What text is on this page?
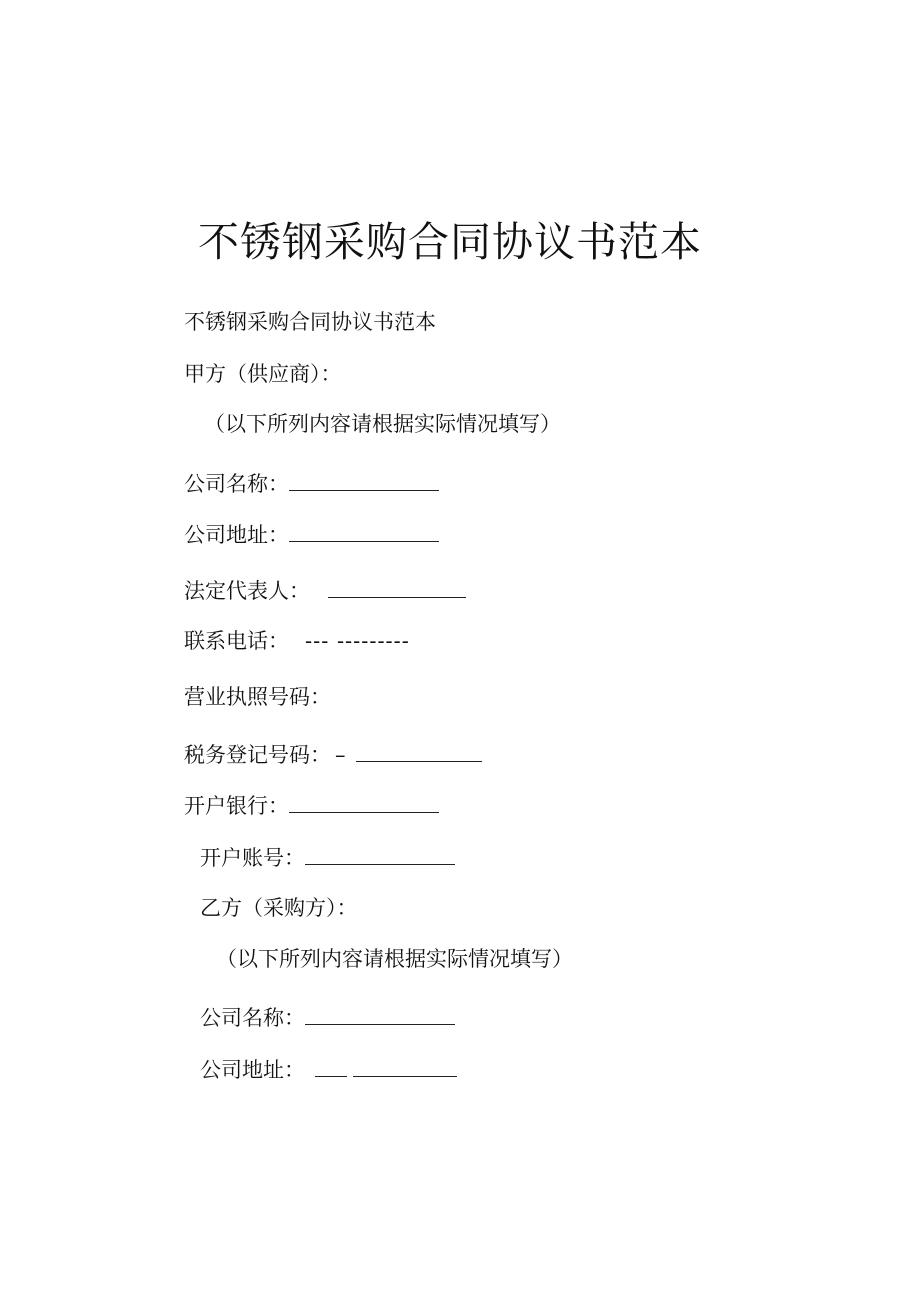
不锈钢采购合同协议书范本
不锈钢采购合同协议书范本
甲方（供应商）：
（以下所列内容请根据实际情况填写）
公司名称：
公司地址：
法定代表人：
联系电话： --- ---------
营业执照号码：
税务登记号码： –
开户银行：
开户账号：
乙方（采购方）：
（以下所列内容请根据实际情况填写）
公司名称：
公司地址：
